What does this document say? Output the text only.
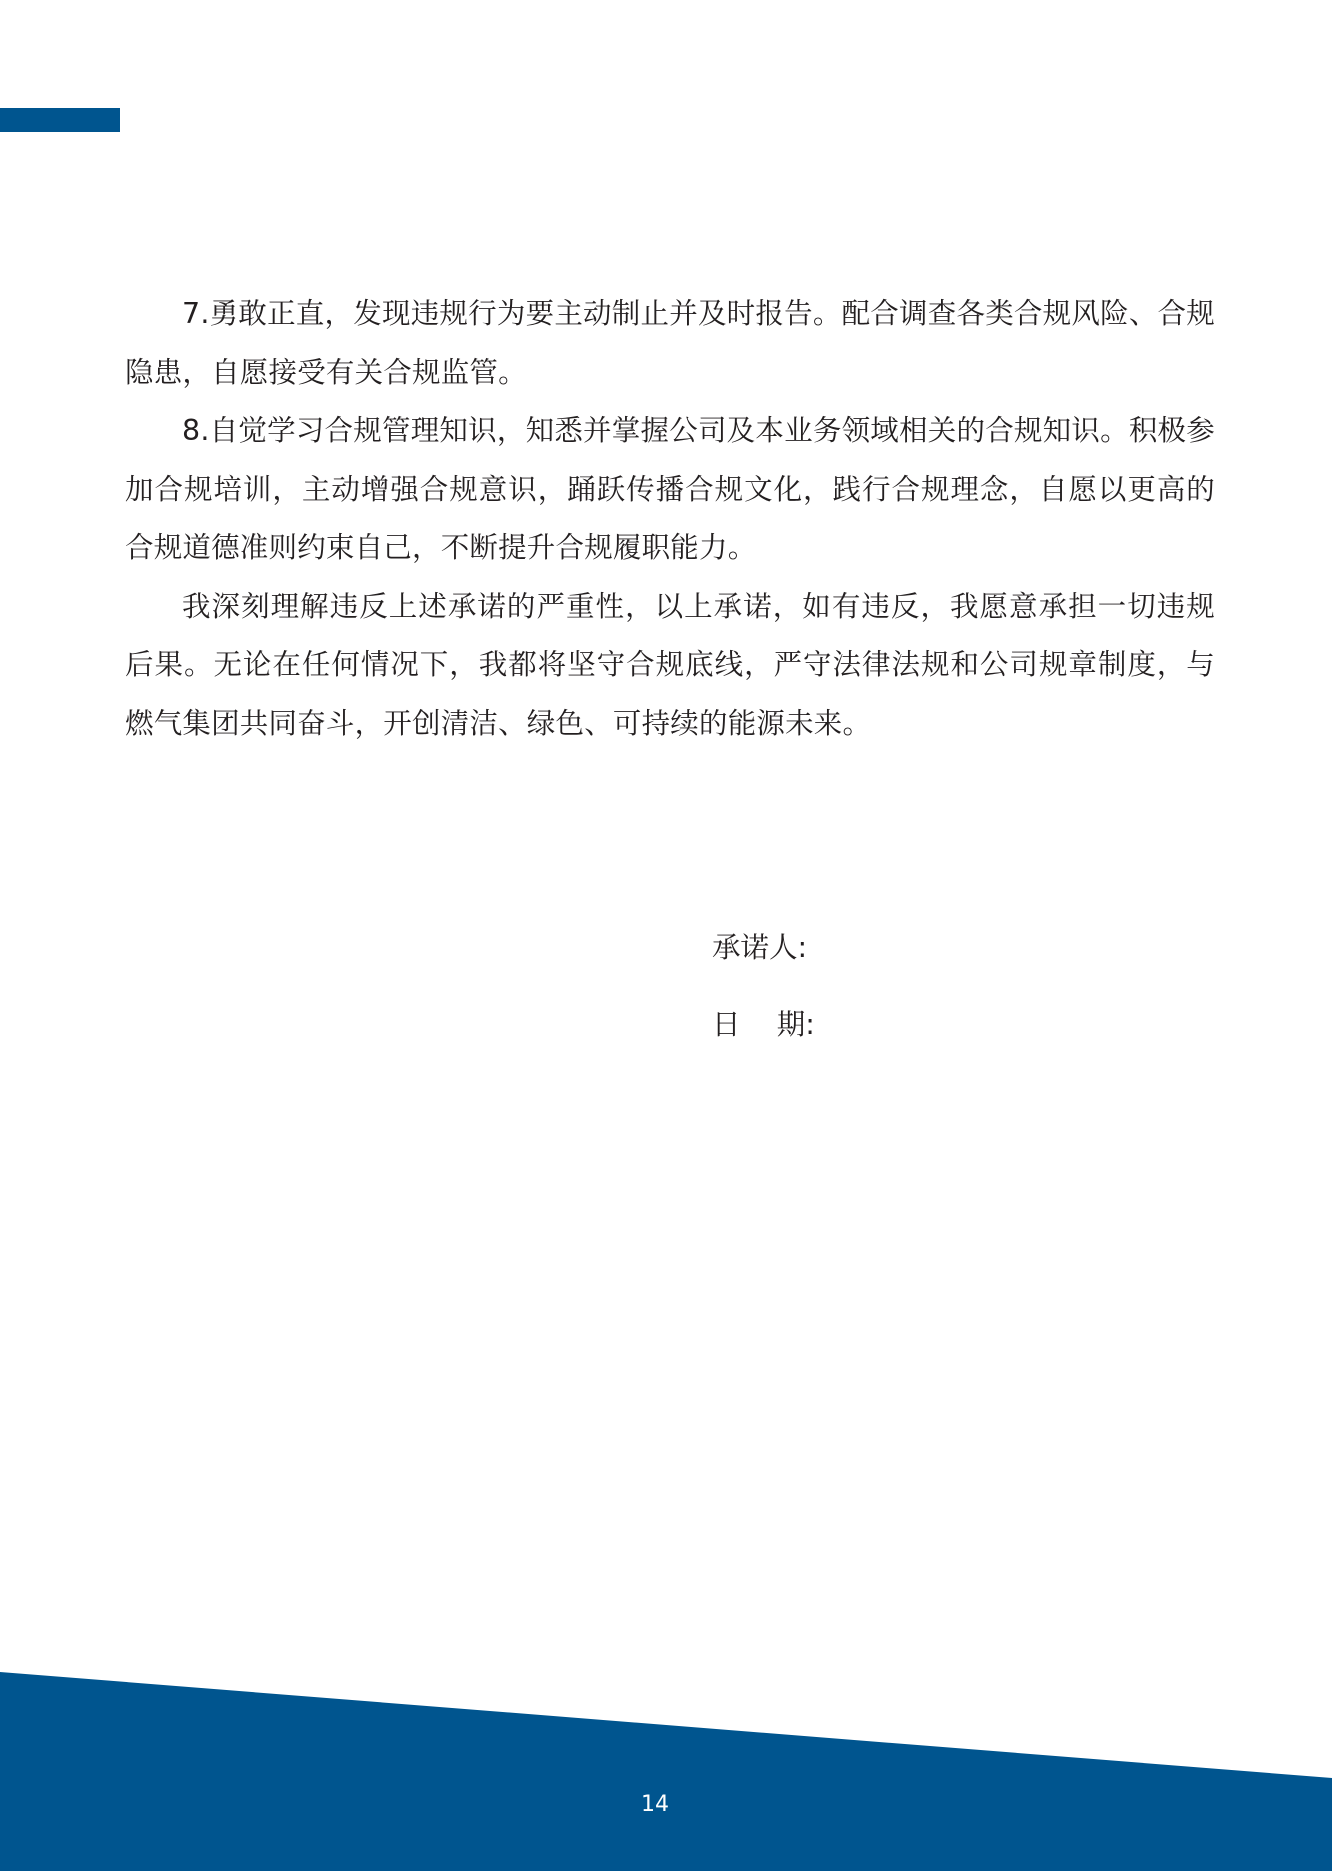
7.勇敢正直，发现违规行为要主动制止并及时报告。配合调查各类合规风险、合规隐患，自愿接受有关合规监管。

8.自觉学习合规管理知识，知悉并掌握公司及本业务领域相关的合规知识。积极参加合规培训，主动增强合规意识，踊跃传播合规文化，践行合规理念，自愿以更高的合规道德准则约束自己，不断提升合规履职能力。

我深刻理解违反上述承诺的严重性，以上承诺，如有违反，我愿意承担一切违规后果。无论在任何情况下，我都将坚守合规底线，严守法律法规和公司规章制度，与燃气集团共同奋斗，开创清洁、绿色、可持续的能源未来。

承诺人:
日    期:
14
